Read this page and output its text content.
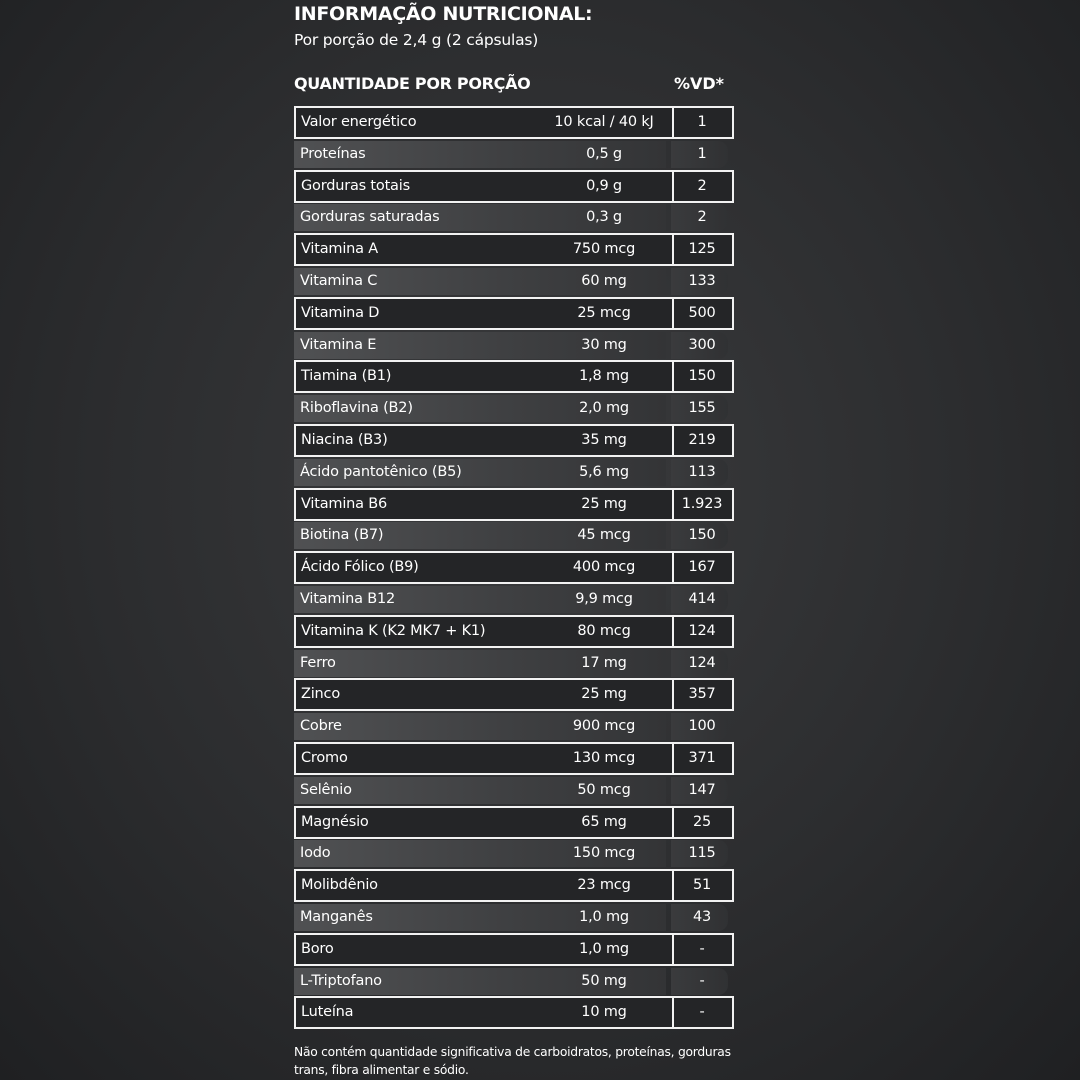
INFORMAÇÃO NUTRICIONAL:
Por porção de 2,4 g (2 cápsulas)
QUANTIDADE POR PORÇÃO	%VD*
Valor energético	10 kcal / 40 kJ	1
Proteínas	0,5 g	1
Gorduras totais	0,9 g	2
Gorduras saturadas	0,3 g	2
Vitamina A	750 mcg	125
Vitamina C	60 mg	133
Vitamina D	25 mcg	500
Vitamina E	30 mg	300
Tiamina (B1)	1,8 mg	150
Riboflavina (B2)	2,0 mg	155
Niacina (B3)	35 mg	219
Ácido pantotênico (B5)	5,6 mg	113
Vitamina B6	25 mg	1.923
Biotina (B7)	45 mcg	150
Ácido Fólico (B9)	400 mcg	167
Vitamina B12	9,9 mcg	414
Vitamina K (K2 MK7 + K1)	80 mcg	124
Ferro	17 mg	124
Zinco	25 mg	357
Cobre	900 mcg	100
Cromo	130 mcg	371
Selênio	50 mcg	147
Magnésio	65 mg	25
Iodo	150 mcg	115
Molibdênio	23 mcg	51
Manganês	1,0 mg	43
Boro	1,0 mg	-
L-Triptofano	50 mg	-
Luteína	10 mg	-
Não contém quantidade significativa de carboidratos, proteínas, gorduras
trans, fibra alimentar e sódio.
